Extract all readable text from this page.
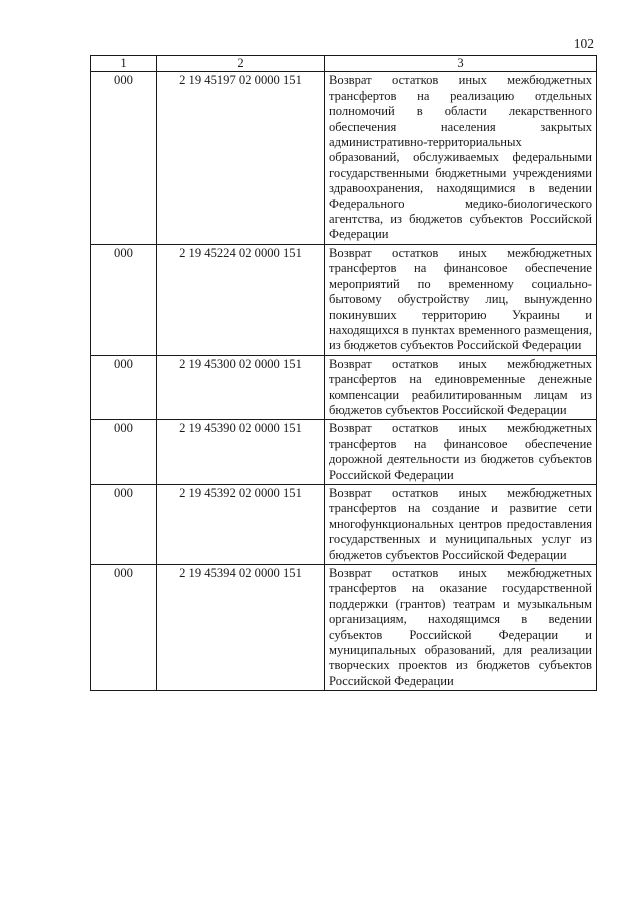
102
1	2	3
000	2 19 45197 02 0000 151	Возврат остатков иных межбюджетных трансфертов на реализацию отдельных полномочий в области лекарственного обеспечения населения закрытых административно-территориальных образований, обслуживаемых федеральными государственными бюджетными учреждениями здравоохранения, находящимися в ведении Федерального медико-биологического агентства, из бюджетов субъектов Российской Федерации
000	2 19 45224 02 0000 151	Возврат остатков иных межбюджетных трансфертов на финансовое обеспечение мероприятий по временному социально-бытовому обустройству лиц, вынужденно покинувших территорию Украины и находящихся в пунктах временного размещения, из бюджетов субъектов Российской Федерации
000	2 19 45300 02 0000 151	Возврат остатков иных межбюджетных трансфертов на единовременные денежные компенсации реабилитированным лицам из бюджетов субъектов Российской Федерации
000	2 19 45390 02 0000 151	Возврат остатков иных межбюджетных трансфертов на финансовое обеспечение дорожной деятельности из бюджетов субъектов Российской Федерации
000	2 19 45392 02 0000 151	Возврат остатков иных межбюджетных трансфертов на создание и развитие сети многофункциональных центров предоставления государственных и муниципальных услуг из бюджетов субъектов Российской Федерации
000	2 19 45394 02 0000 151	Возврат остатков иных межбюджетных трансфертов на оказание государственной поддержки (грантов) театрам и музыкальным организациям, находящимся в ведении субъектов Российской Федерации и муниципальных образований, для реализации творческих проектов из бюджетов субъектов Российской Федерации
